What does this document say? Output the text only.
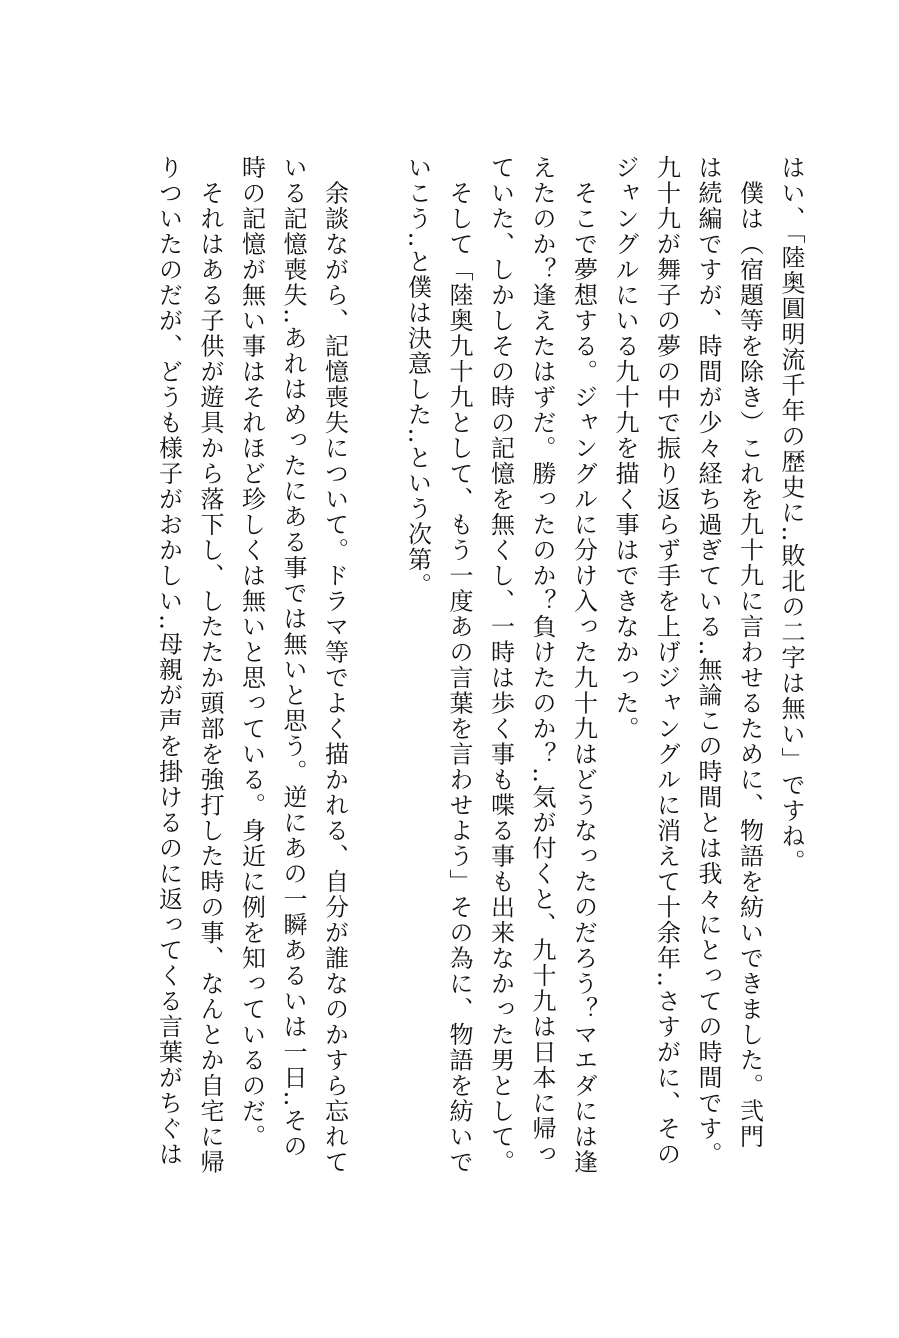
はい、「陸奥圓明流千年の歴史に‥敗北の二字は無い」ですね。
　僕は（宿題等を除き）これを九十九に言わせるために、物語を紡いできました。弐門
は続編ですが、時間が少々経ち過ぎている‥無論この時間とは我々にとっての時間です。
九十九が舞子の夢の中で振り返らず手を上げジャングルに消えて十余年‥さすがに、その
ジャングルにいる九十九を描く事はできなかった。
　そこで夢想する。ジャングルに分け入った九十九はどうなったのだろう？マエダには逢
えたのか？逢えたはずだ。勝ったのか？負けたのか？‥気が付くと、九十九は日本に帰っ
ていた、しかしその時の記憶を無くし、一時は歩く事も喋る事も出来なかった男として。
　そして「陸奥九十九として、もう一度あの言葉を言わせよう」その為に、物語を紡いで
いこう‥と僕は決意した‥という次第。
　余談ながら、記憶喪失について。ドラマ等でよく描かれる、自分が誰なのかすら忘れて
いる記憶喪失‥あれはめったにある事では無いと思う。逆にあの一瞬あるいは一日‥その
時の記憶が無い事はそれほど珍しくは無いと思っている。身近に例を知っているのだ。
　それはある子供が遊具から落下し、したたか頭部を強打した時の事、なんとか自宅に帰
りついたのだが、どうも様子がおかしい‥母親が声を掛けるのに返ってくる言葉がちぐは
